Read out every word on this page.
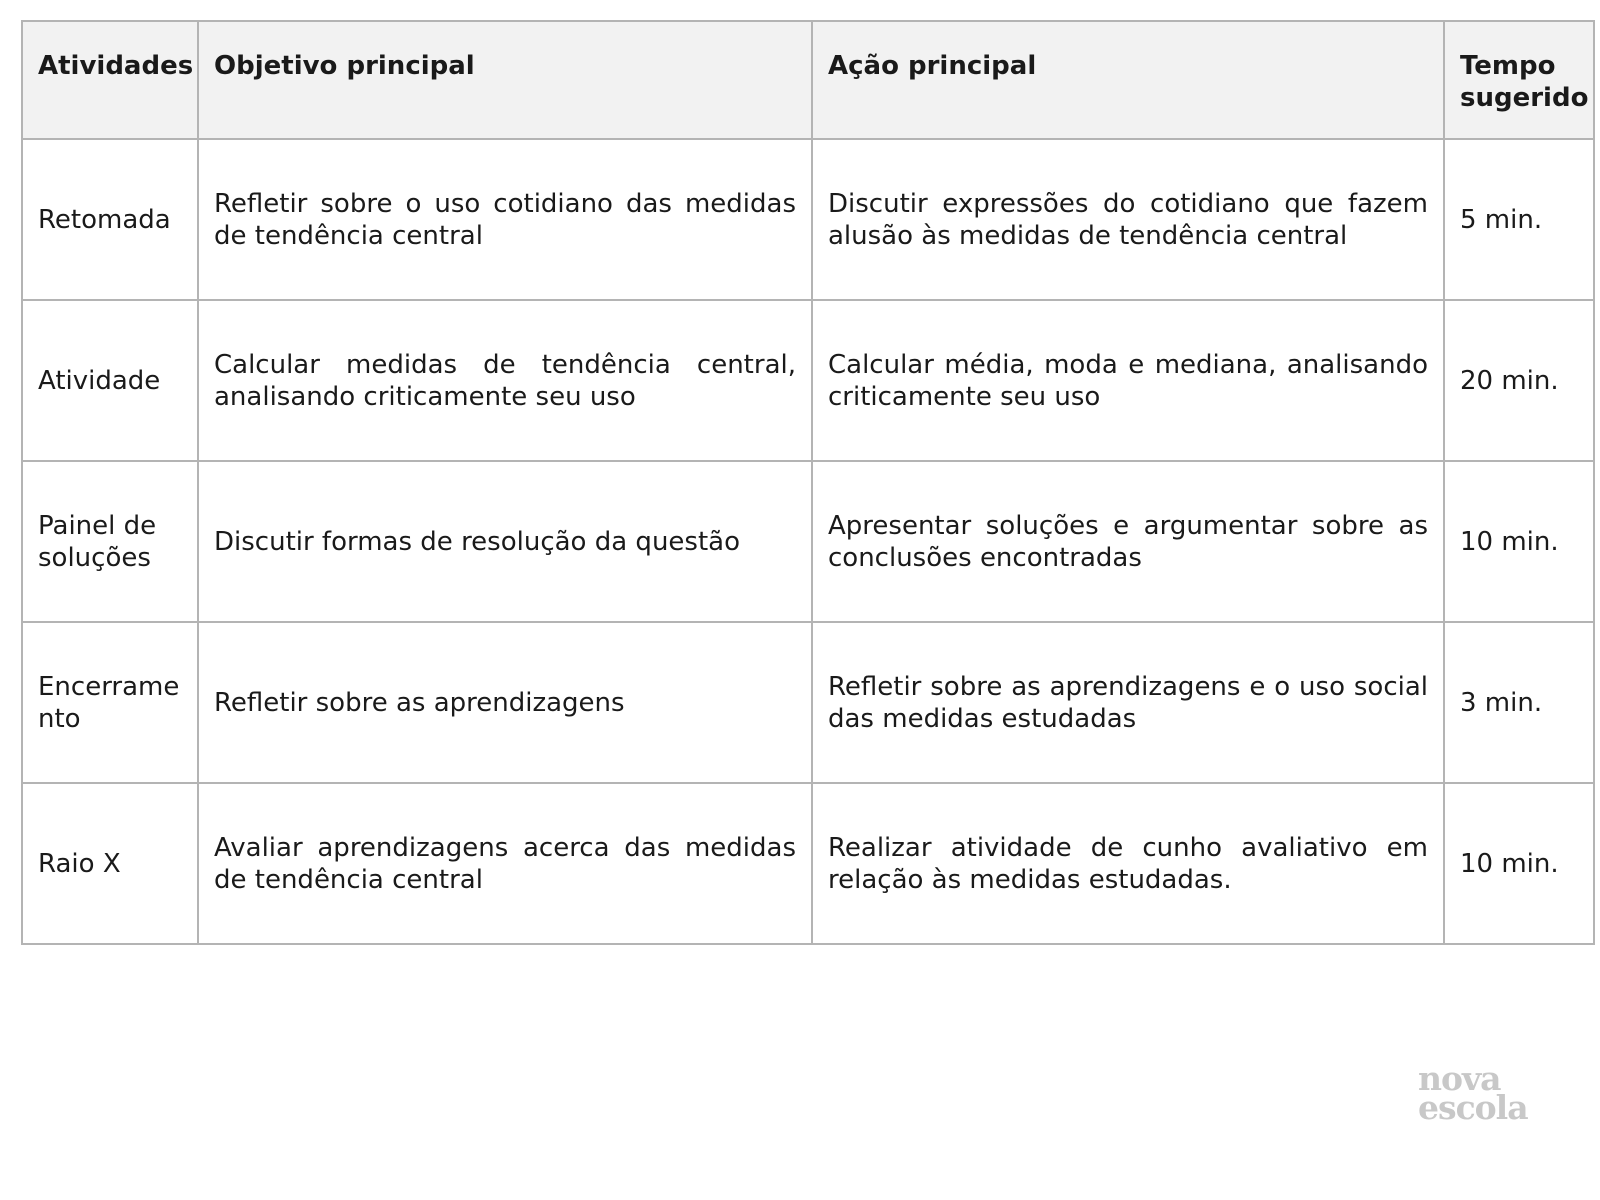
Atividades	Objetivo principal	Ação principal	Tempo sugerido
Retomada	Refletir sobre o uso cotidiano das medidas de tendência central	Discutir expressões do cotidiano que fazem alusão às medidas de tendência central	5 min.
Atividade	Calcular medidas de tendência central, analisando criticamente seu uso	Calcular média, moda e mediana, analisando criticamente seu uso	20 min.
Painel de soluções	Discutir formas de resolução da questão	Apresentar soluções e argumentar sobre as conclusões encontradas	10 min.
Encerrame nto	Refletir sobre as aprendizagens	Refletir sobre as aprendizagens e o uso social das medidas estudadas	3 min.
Raio X	Avaliar aprendizagens acerca das medidas de tendência central	Realizar atividade de cunho avaliativo em relação às medidas estudadas.	10 min.
nova
escola
